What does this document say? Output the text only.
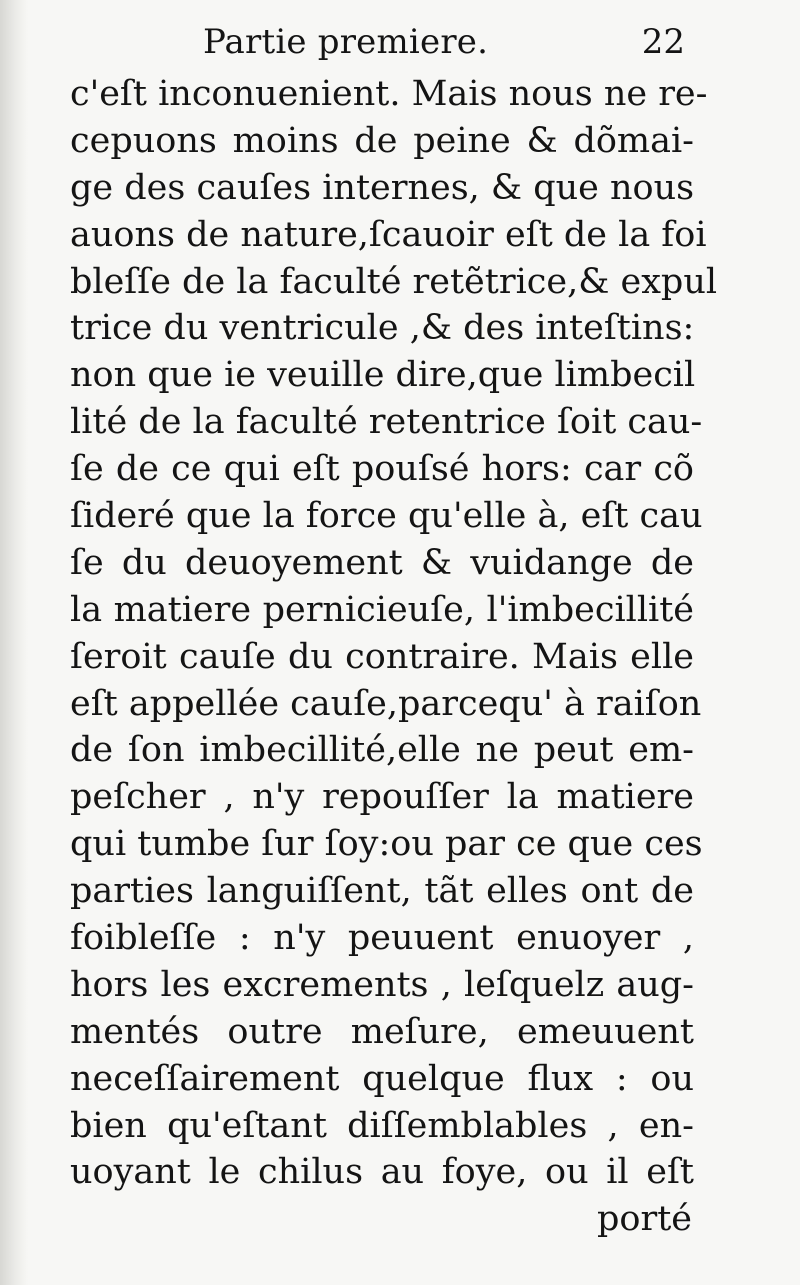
Partie premiere.	22
c'eſt inconuenient. Mais nous ne re-
cepuons moins de peine & dõmai-
ge des cauſes internes, & que nous
auons de nature,ſcauoir eſt de la foi
bleſſe de la faculté retẽtrice,& expul
trice du ventricule ,& des inteſtins:
non que ie veuille dire,que limbecil
lité de la faculté retentrice ſoit cau-
ſe de ce qui eſt pouſsé hors: car cõ
ſideré que la force qu'elle à, eſt cau
ſe du deuoyement & vuidange de
la matiere pernicieuſe, l'imbecillité
ſeroit cauſe du contraire. Mais elle
eſt appellée cauſe,parcequ' à raiſon
de ſon imbecillité,elle ne peut em-
peſcher , n'y repouſſer la matiere
qui tumbe ſur ſoy:ou par ce que ces
parties languiſſent, tãt elles ont de
foibleſſe : n'y peuuent enuoyer ,
hors les excrements , leſquelz aug-
mentés outre meſure, emeuuent
neceſſairement quelque flux : ou
bien qu'eſtant diſſemblables , en-
uoyant le chilus au foye, ou il eſt
porté
